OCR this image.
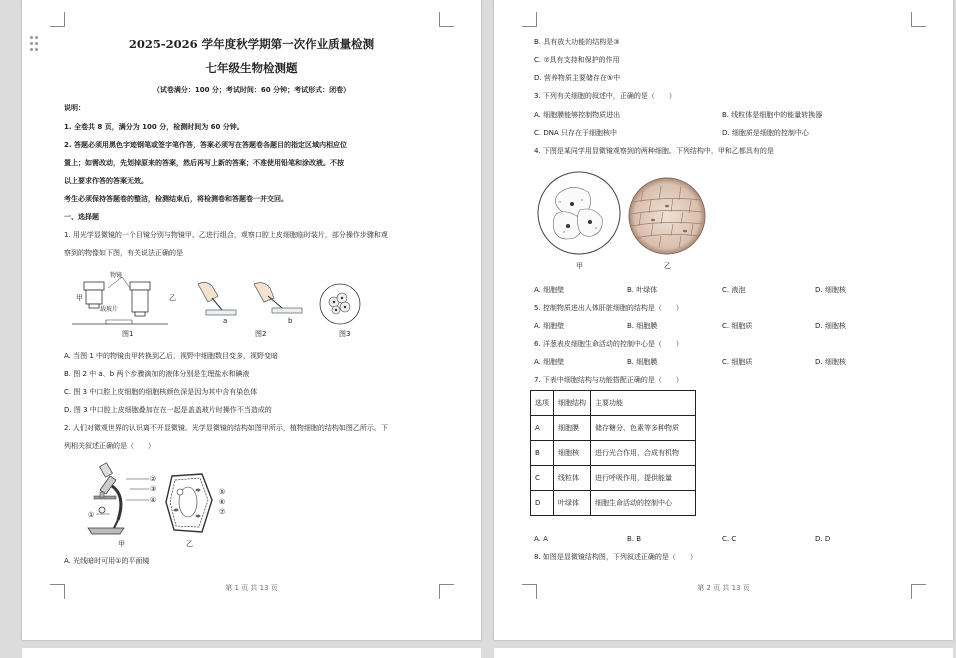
2025-2026 学年度秋学期第一次作业质量检测
七年级生物检测题
（试卷满分：100 分；考试时间：60 分钟；考试形式：闭卷）
说明：
1. 全卷共 8 页，满分为 100 分，检测时间为 60 分钟。
2. 答题必须用黑色字迹钢笔或签字笔作答，答案必须写在答题卷各题目的指定区域内相应位
置上；如需改动，先划掉原来的答案，然后再写上新的答案；不准使用铅笔和涂改液。不按
以上要求作答的答案无效。
考生必须保持答题卷的整洁，检测结束后，将检测卷和答题卷一并交回。
一、选择题
1. 用光学显微镜的一个目镜分别与物镜甲、乙进行组合，观察口腔上皮细胞临时装片，部分操作步骤和观
察到的物像如下图，有关说法正确的是
物镜
甲	乙
载玻片
图1
a	b
图2	图3
A. 当图 1 中的物镜由甲转换到乙后，视野中细胞数目变多，视野变暗
B. 图 2 中 a、b 两个步骤滴加的液体分别是生理盐水和碘液
C. 图 3 中口腔上皮细胞的细胞核颜色深是因为其中含有染色体
D. 图 3 中口腔上皮细胞叠加在在一起是盖盖玻片时操作不当造成的
2. 人们对微观世界的认识离不开显微镜。光学显微镜的结构如图甲所示，植物细胞的结构如图乙所示。下
列相关叙述正确的是（　　）
②
③
④
①
甲
⑤
⑥
⑦
乙
A. 光线暗时可用①的平面镜
第 1 页 共 13 页
B. 具有放大功能的结构是③
C. ⑦具有支持和保护的作用
D. 营养物质主要储存在⑤中
3. 下列有关细胞的叙述中，正确的是（　　）
A. 细胞膜能够控制物质进出	B. 线粒体是细胞中的能量转换器
C. DNA 只存在于细胞核中	D. 细胞质是细胞的控制中心
4. 下图是某同学用显微镜观察到的两种细胞。下列结构中，甲和乙都具有的是
甲	乙
A. 细胞壁	B. 叶绿体	C. 液泡	D. 细胞核
5. 控制物质进出人体肝脏细胞的结构是（　　）
A. 细胞壁	B. 细胞膜	C. 细胞质	D. 细胞核
6. 洋葱表皮细胞生命活动的控制中心是（　　）
A. 细胞壁	B. 细胞膜	C. 细胞质	D. 细胞核
7. 下表中细胞结构与功能搭配正确的是（　　）
选项	细胞结构	主要功能
A	细胞膜	储存糖分、色素等多种物质
B	细胞核	进行光合作用，合成有机物
C	线粒体	进行呼吸作用，提供能量
D	叶绿体	细胞生命活动的控制中心
A. A	B. B	C. C	D. D
8. 如图是显微镜结构图，下列叙述正确的是（　　）
第 2 页 共 13 页
